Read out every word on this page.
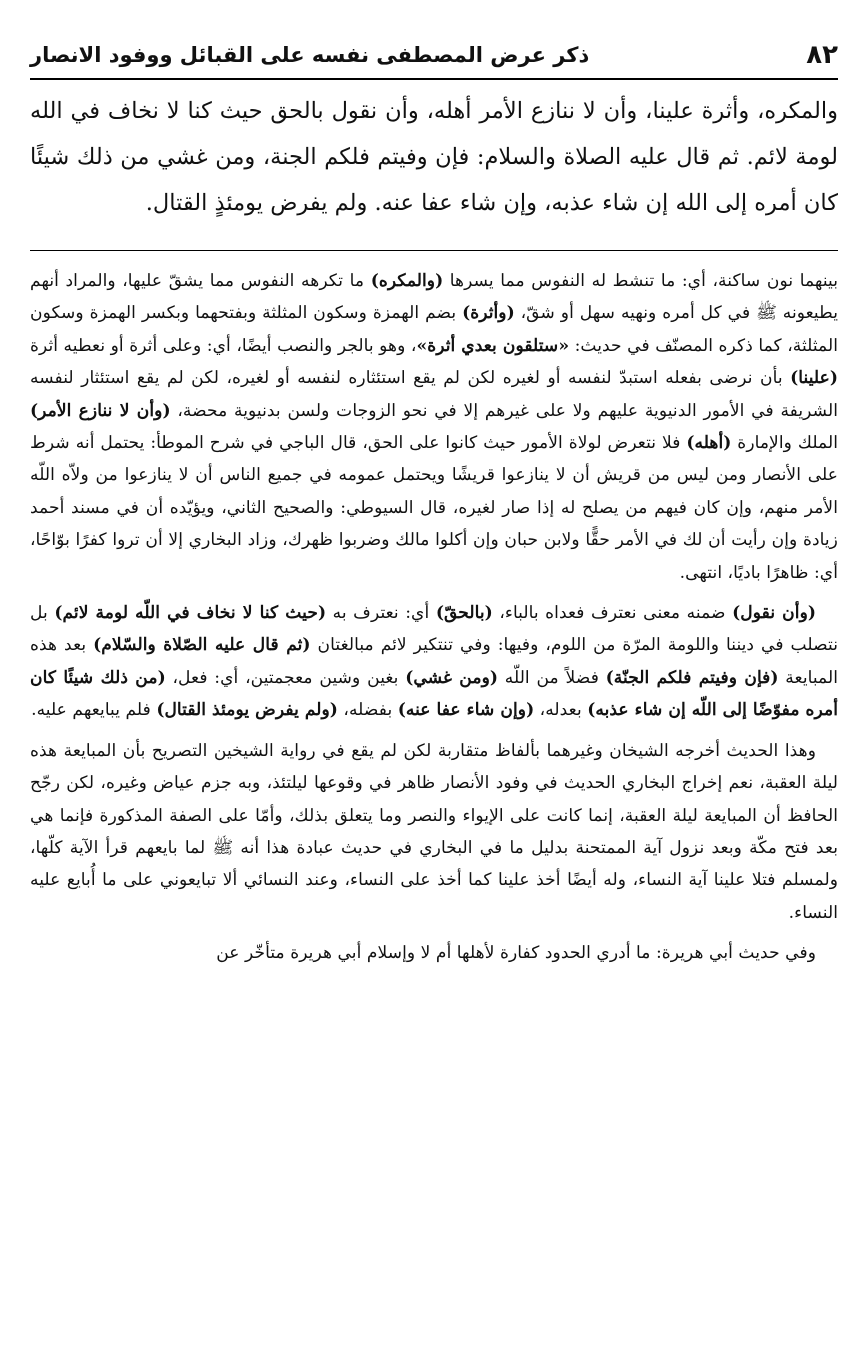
٨٢
ذكر عرض المصطفى نفسه على القبائل ووفود الانصار
والمكره، وأثرة علينا، وأن لا ننازع الأمر أهله، وأن نقول بالحق حيث كنا لا نخاف في الله لومة لائم. ثم قال عليه الصلاة والسلام: فإن وفيتم فلكم الجنة، ومن غشي من ذلك شيئًا كان أمره إلى الله إن شاء عذبه، وإن شاء عفا عنه. ولم يفرض يومئذٍ القتال.

بينهما نون ساكنة، أي: ما تنشط له النفوس مما يسرها (والمكره) ما تكرهه النفوس مما يشقّ عليها، والمراد أنهم يطيعونه ﷺ في كل أمره ونهيه سهل أو شقّ، (وأثرة) بضم الهمزة وسكون المثلثة وبفتحهما وبكسر الهمزة وسكون المثلثة، كما ذكره المصنّف في حديث: «ستلقون بعدي أثرة»، وهو بالجر والنصب أيضًا، أي: وعلى أثرة أو نعطيه أثرة (علينا) بأن نرضى بفعله استبدّ لنفسه أو لغيره لكن لم يقع استئثاره لنفسه أو لغيره، لكن لم يقع استئثار لنفسه الشريفة في الأمور الدنيوية عليهم ولا على غيرهم إلا في نحو الزوجات ولسن بدنيوية محضة، (وأن لا ننازع الأمر) الملك والإمارة (أهله) فلا نتعرض لولاة الأمور حيث كانوا على الحق، قال الباجي في شرح الموطأ: يحتمل أنه شرط على الأنصار ومن ليس من قريش أن لا ينازعوا قريشًا ويحتمل عمومه في جميع الناس أن لا ينازعوا من ولاّه اللّه الأمر منهم، وإن كان فيهم من يصلح له إذا صار لغيره، قال السيوطي: والصحيح الثاني، ويؤيّده أن في مسند أحمد زيادة وإن رأيت أن لك في الأمر حقًّا ولابن حبان وإن أكلوا مالك وضربوا ظهرك، وزاد البخاري إلا أن تروا كفرًا بوّاحًا، أي: ظاهرًا باديًا، انتهى.

(وأن نقول) ضمنه معنى نعترف فعداه بالباء، (بالحقّ) أي: نعترف به (حيث كنا لا نخاف في اللّه لومة لائم) بل نتصلب في ديننا واللومة المرّة من اللوم، وفيها: وفي تنتكير لائم مبالغتان (ثم قال عليه الصّلاة والسّلام) بعد هذه المبايعة (فإن وفيتم فلكم الجنّة) فضلاً من اللّه (ومن غشي) بغين وشين معجمتين، أي: فعل، (من ذلك شيئًا كان أمره مفوّضًا إلى اللّه إن شاء عذبه) بعدله، (وإن شاء عفا عنه) بفضله، (ولم يفرض يومئذ القتال) فلم يبايعهم عليه.

وهذا الحديث أخرجه الشيخان وغيرهما بألفاظ متقاربة لكن لم يقع في رواية الشيخين التصريح بأن المبايعة هذه ليلة العقبة، نعم إخراج البخاري الحديث في وفود الأنصار ظاهر في وقوعها ليلتئذ، وبه جزم عياض وغيره، لكن رجّح الحافظ أن المبايعة ليلة العقبة، إنما كانت على الإيواء والنصر وما يتعلق بذلك، وأمّا على الصفة المذكورة فإنما هي بعد فتح مكّة وبعد نزول آية الممتحنة بدليل ما في البخاري في حديث عبادة هذا أنه ﷺ لما بايعهم قرأ الآية كلّها، ولمسلم فتلا علينا آية النساء، وله أيضًا أخذ علينا كما أخذ على النساء، وعند النسائي ألا تبايعوني على ما أُبايع عليه النساء.

وفي حديث أبي هريرة: ما أدري الحدود كفارة لأهلها أم لا وإسلام أبي هريرة متأخّر عن
